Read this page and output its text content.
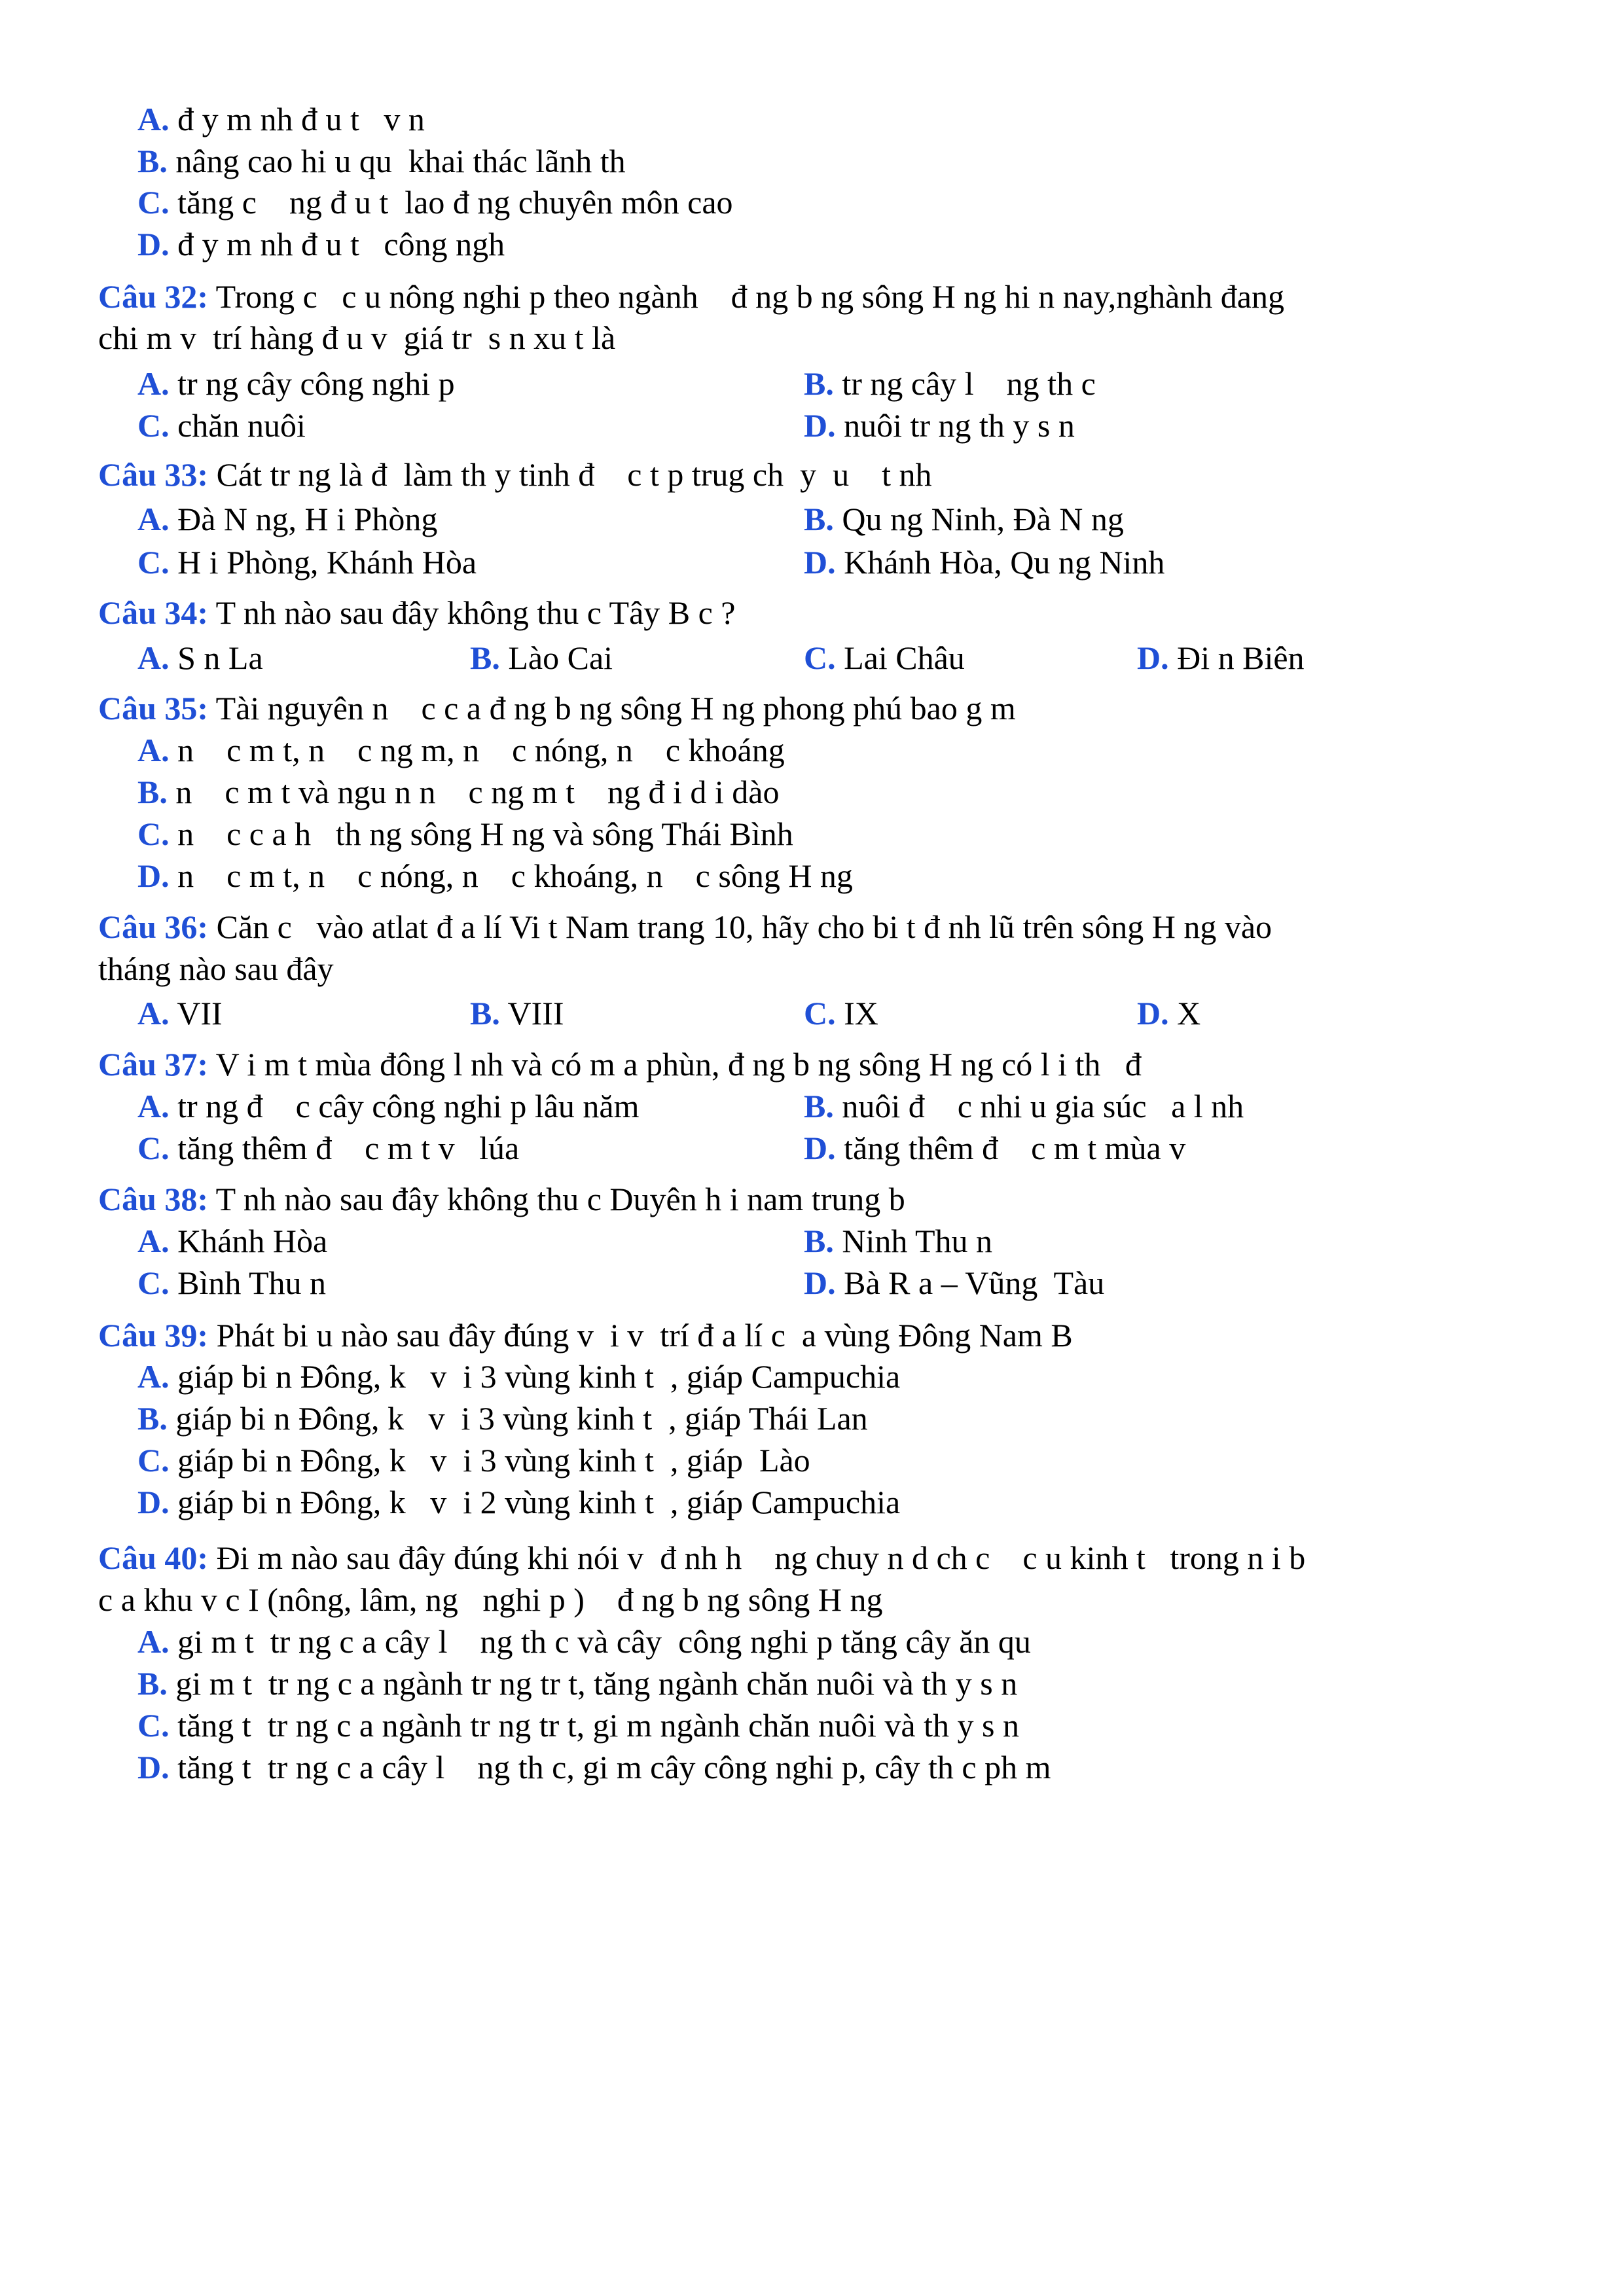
A. đ y m nh đ u t   v n
B. nâng cao hi u qu  khai thác lãnh th
C. tăng c    ng đ u t  lao đ ng chuyên môn cao
D. đ y m nh đ u t   công ngh
Câu 32: Trong c   c u nông nghi p theo ngành    đ ng b ng sông H ng hi n nay,nghành đang
chi m v  trí hàng đ u v  giá tr  s n xu t là
A. tr ng cây công nghi p	B. tr ng cây l    ng th c
C. chăn nuôi	D. nuôi tr ng th y s n
Câu 33: Cát tr ng là đ  làm th y tinh đ    c t p trug ch  y  u    t nh
A. Đà N ng, H i Phòng	B. Qu ng Ninh, Đà N ng
C. H i Phòng, Khánh Hòa	D. Khánh Hòa, Qu ng Ninh
Câu 34: T nh nào sau đây không thu c Tây B c ?
A. S n La	B. Lào Cai	C. Lai Châu	D. Đi n Biên
Câu 35: Tài nguyên n    c c a đ ng b ng sông H ng phong phú bao g m
A. n    c m t, n    c ng m, n    c nóng, n    c khoáng
B. n    c m t và ngu n n    c ng m t    ng đ i d i dào
C. n    c c a h   th ng sông H ng và sông Thái Bình
D. n    c m t, n    c nóng, n    c khoáng, n    c sông H ng
Câu 36: Căn c   vào atlat đ a lí Vi t Nam trang 10, hãy cho bi t đ nh lũ trên sông H ng vào
tháng nào sau đây
A. VII	B. VIII	C. IX	D. X
Câu 37: V i m t mùa đông l nh và có m a phùn, đ ng b ng sông H ng có l i th   đ
A. tr ng đ    c cây công nghi p lâu năm	B. nuôi đ    c nhi u gia súc   a l nh
C. tăng thêm đ    c m t v   lúa	D. tăng thêm đ    c m t mùa v
Câu 38: T nh nào sau đây không thu c Duyên h i nam trung b
A. Khánh Hòa	B. Ninh Thu n
C. Bình Thu n	D. Bà R a – Vũng  Tàu
Câu 39: Phát bi u nào sau đây đúng v  i v  trí đ a lí c  a vùng Đông Nam B
A. giáp bi n Đông, k   v  i 3 vùng kinh t  , giáp Campuchia
B. giáp bi n Đông, k   v  i 3 vùng kinh t  , giáp Thái Lan
C. giáp bi n Đông, k   v  i 3 vùng kinh t  , giáp  Lào
D. giáp bi n Đông, k   v  i 2 vùng kinh t  , giáp Campuchia
Câu 40: Đi m nào sau đây đúng khi nói v  đ nh h    ng chuy n d ch c    c u kinh t   trong n i b
c a khu v c I (nông, lâm, ng   nghi p )    đ ng b ng sông H ng
A. gi m t  tr ng c a cây l    ng th c và cây  công nghi p tăng cây ăn qu
B. gi m t  tr ng c a ngành tr ng tr t, tăng ngành chăn nuôi và th y s n
C. tăng t  tr ng c a ngành tr ng tr t, gi m ngành chăn nuôi và th y s n
D. tăng t  tr ng c a cây l    ng th c, gi m cây công nghi p, cây th c ph m
